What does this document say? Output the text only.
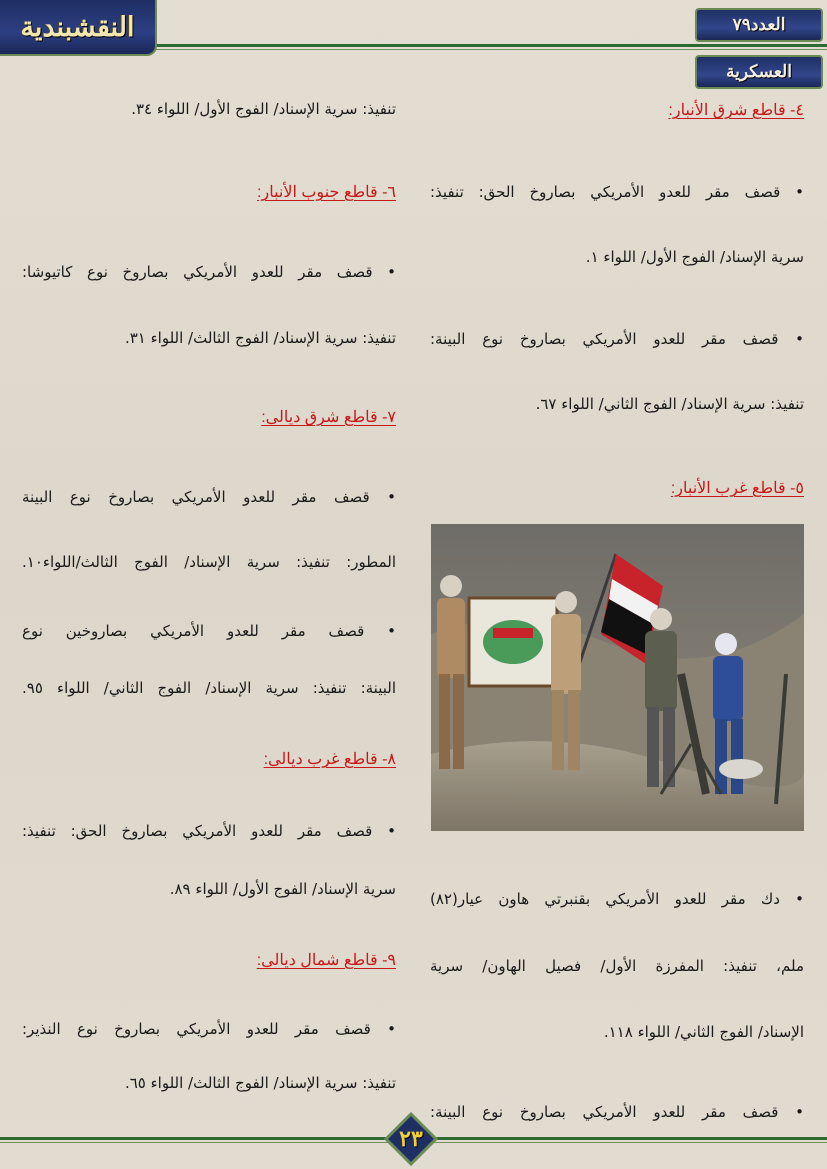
النقشبندية	العدد٧٩
العسكرية
٤- قاطع شرق الأنبار:
• قصف مقر للعدو الأمريكي بصاروخ الحق: تنفيذ:
سرية الإسناد/ الفوج الأول/ اللواء ١.
• قصف مقر للعدو الأمريكي بصاروخ نوع البينة:
تنفيذ: سرية الإسناد/ الفوج الثاني/ اللواء ٦٧.
٥- قاطع غرب الأنبار:
• دك مقر للعدو الأمريكي بقنبرتي هاون عيار(٨٢)
ملم، تنفيذ: المفرزة الأول/ فصيل الهاون/ سرية
الإسناد/ الفوج الثاني/ اللواء ١١٨.
• قصف مقر للعدو الأمريكي بصاروخ نوع البينة:
تنفيذ: سرية الإسناد/ الفوج الأول/ اللواء ٣٤.
٦- قاطع جنوب الأنبار:
• قصف مقر للعدو الأمريكي بصاروخ نوع كاتيوشا:
تنفيذ: سرية الإسناد/ الفوج الثالث/ اللواء ٣١.
٧- قاطع شرق ديالى:
• قصف مقر للعدو الأمريكي بصاروخ نوع البينة
المطور: تنفيذ: سرية الإسناد/ الفوج الثالث/اللواء١٠.
• قصف مقر للعدو الأمريكي بصاروخين نوع
البينة: تنفيذ: سرية الإسناد/ الفوج الثاني/ اللواء ٩٥.
٨- قاطع غرب ديالى:
• قصف مقر للعدو الأمريكي بصاروخ الحق: تنفيذ:
سرية الإسناد/ الفوج الأول/ اللواء ٨٩.
٩- قاطع شمال ديالى:
• قصف مقر للعدو الأمريكي بصاروخ نوع النذير:
تنفيذ: سرية الإسناد/ الفوج الثالث/ اللواء ٦٥.
٢٣
